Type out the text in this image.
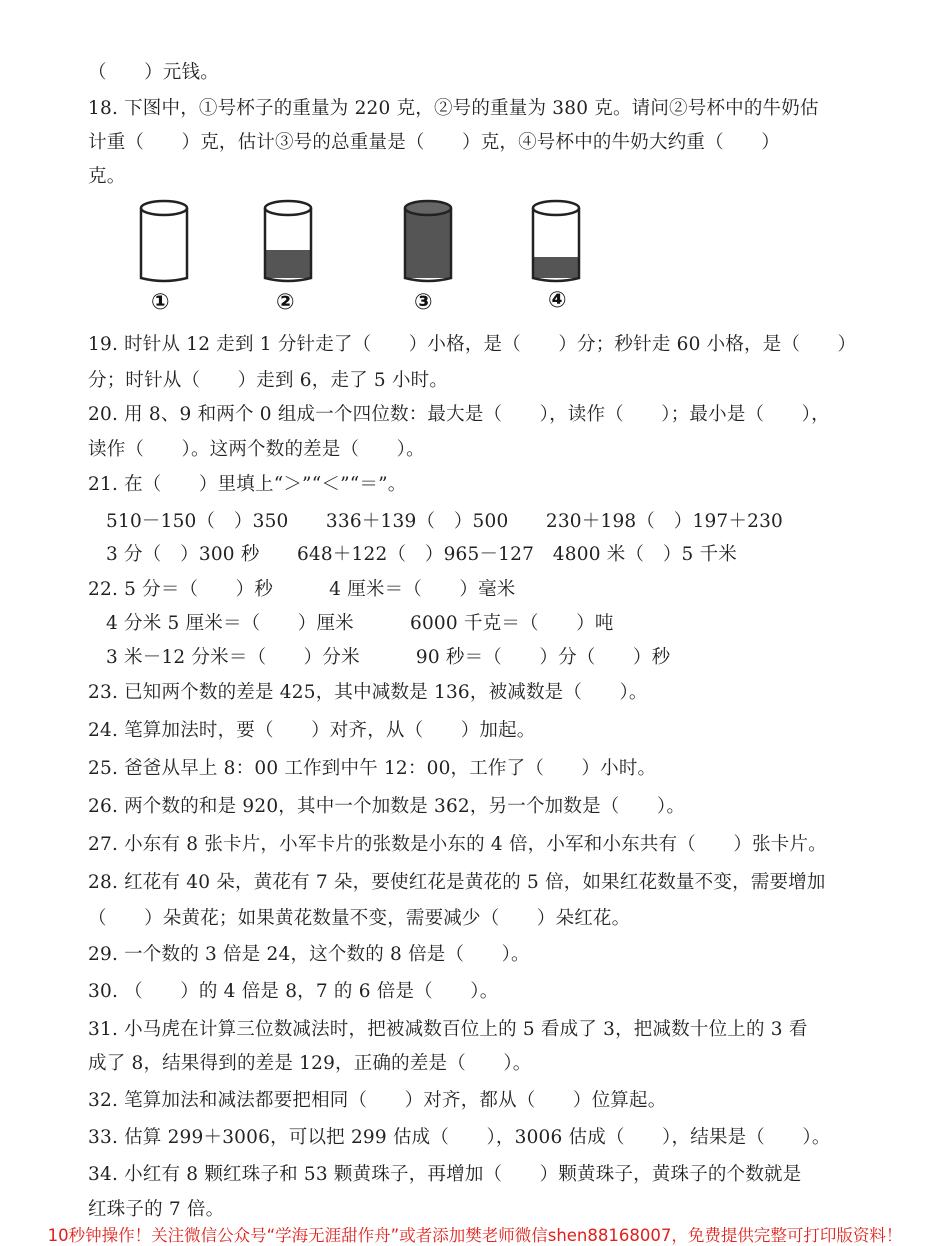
（　　）元钱。
18. 下图中，①号杯子的重量为 220 克，②号的重量为 380 克。请问②号杯中的牛奶估
计重（　　）克，估计③号的总重量是（　　）克，④号杯中的牛奶大约重（　　）
克。
①	②	③	④
19. 时针从 12 走到 1 分针走了（　　）小格，是（　　）分；秒针走 60 小格，是（　　）
分；时针从（　　）走到 6，走了 5 小时。
20. 用 8、9 和两个 0 组成一个四位数：最大是（　　），读作（　　）；最小是（　　），
读作（　　）。这两个数的差是（　　）。
21. 在（　　）里填上“＞”“＜”“＝”。
510－150（　）350　　336＋139（　）500　　230＋198（　）197＋230
3 分（　）300 秒　　648＋122（　）965－127　4800 米（　）5 千米
22. 5 分＝（　　）秒　　　4 厘米＝（　　）毫米
4 分米 5 厘米＝（　　）厘米　　　6000 千克＝（　　）吨
3 米－12 分米＝（　　）分米　　　90 秒＝（　　）分（　　）秒
23. 已知两个数的差是 425，其中减数是 136，被减数是（　　）。
24. 笔算加法时，要（　　）对齐，从（　　）加起。
25. 爸爸从早上 8：00 工作到中午 12：00，工作了（　　）小时。
26. 两个数的和是 920，其中一个加数是 362，另一个加数是（　　）。
27. 小东有 8 张卡片，小军卡片的张数是小东的 4 倍，小军和小东共有（　　）张卡片。
28. 红花有 40 朵，黄花有 7 朵，要使红花是黄花的 5 倍，如果红花数量不变，需要增加
（　　）朵黄花；如果黄花数量不变，需要减少（　　）朵红花。
29. 一个数的 3 倍是 24，这个数的 8 倍是（　　）。
30. （　　）的 4 倍是 8，7 的 6 倍是（　　）。
31. 小马虎在计算三位数减法时，把被减数百位上的 5 看成了 3，把减数十位上的 3 看
成了 8，结果得到的差是 129，正确的差是（　　）。
32. 笔算加法和减法都要把相同（　　）对齐，都从（　　）位算起。
33. 估算 299＋3006，可以把 299 估成（　　），3006 估成（　　），结果是（　　）。
34. 小红有 8 颗红珠子和 53 颗黄珠子，再增加（　　）颗黄珠子，黄珠子的个数就是
红珠子的 7 倍。
10秒钟操作！关注微信公众号“学海无涯甜作舟”或者添加樊老师微信shen88168007，免费提供完整可打印版资料！
